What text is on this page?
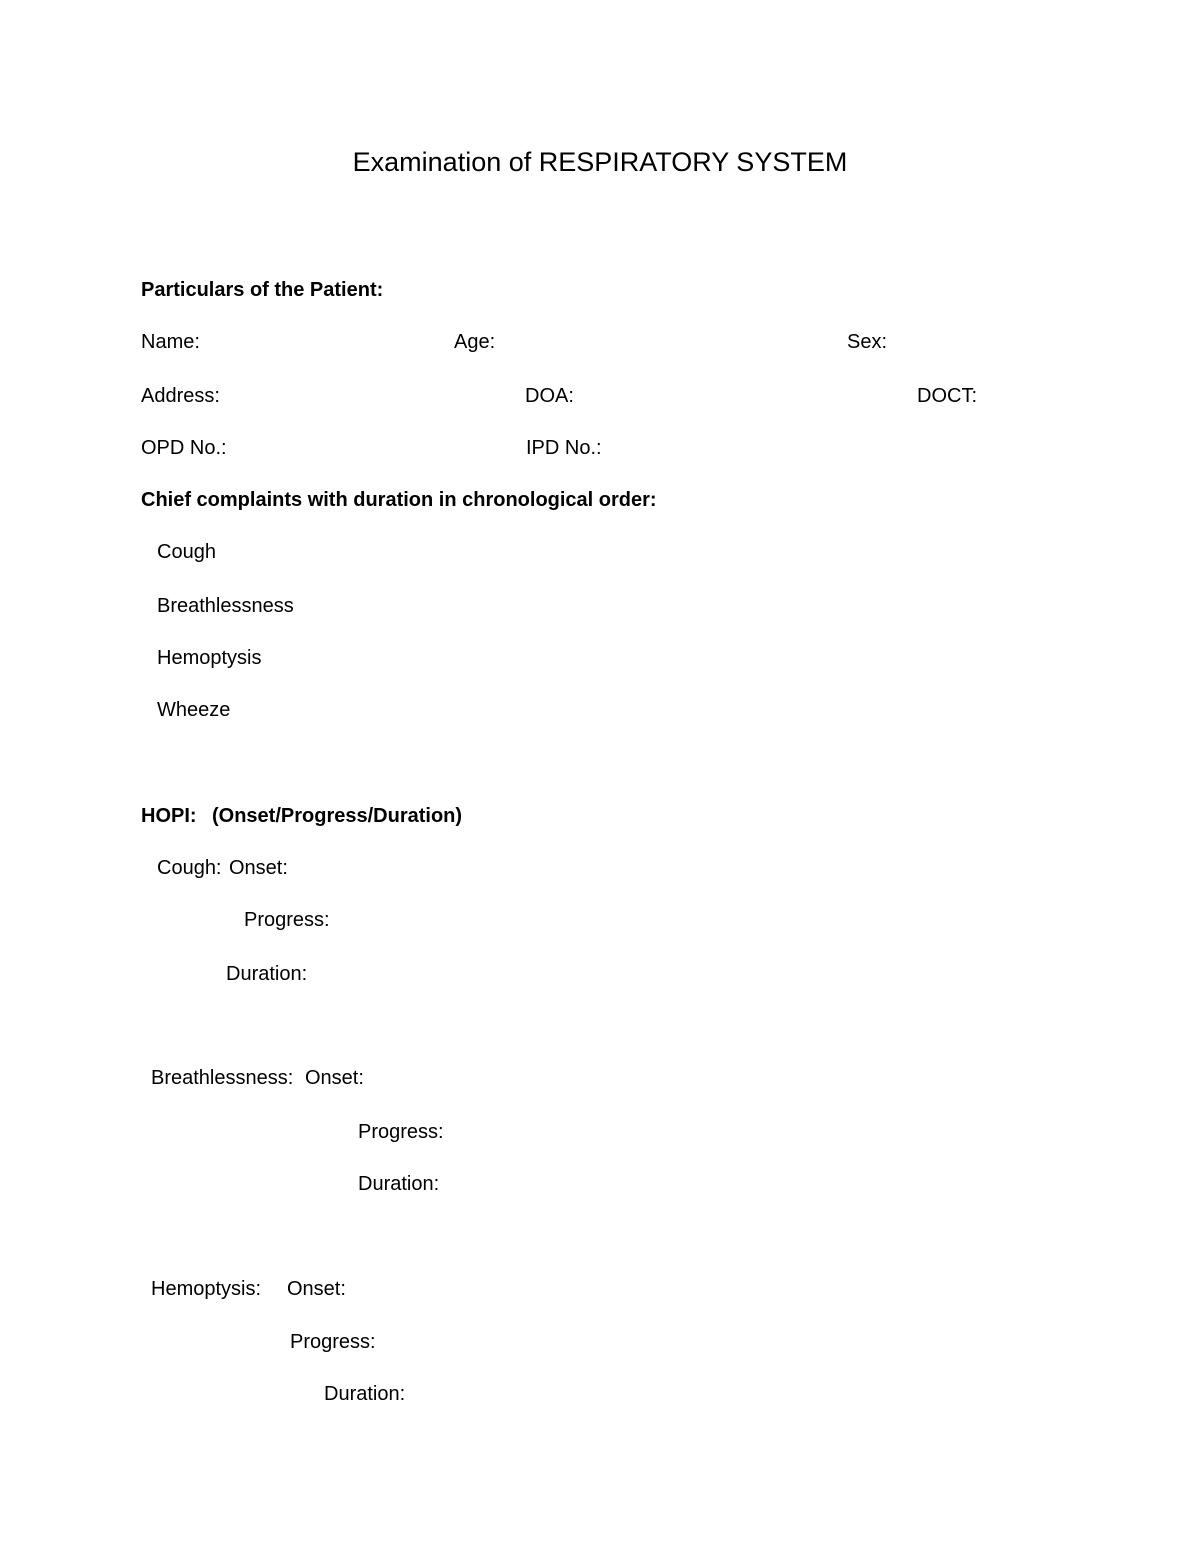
Examination of RESPIRATORY SYSTEM
Particulars of the Patient:
Name:	Age:	Sex:
Address:	DOA:	DOCT:
OPD No.:	IPD No.:
Chief complaints with duration in chronological order:
Cough
Breathlessness
Hemoptysis
Wheeze
HOPI: (Onset/Progress/Duration)
Cough: Onset:
Progress:
Duration:
Breathlessness: Onset:
Progress:
Duration:
Hemoptysis: Onset:
Progress:
Duration:
